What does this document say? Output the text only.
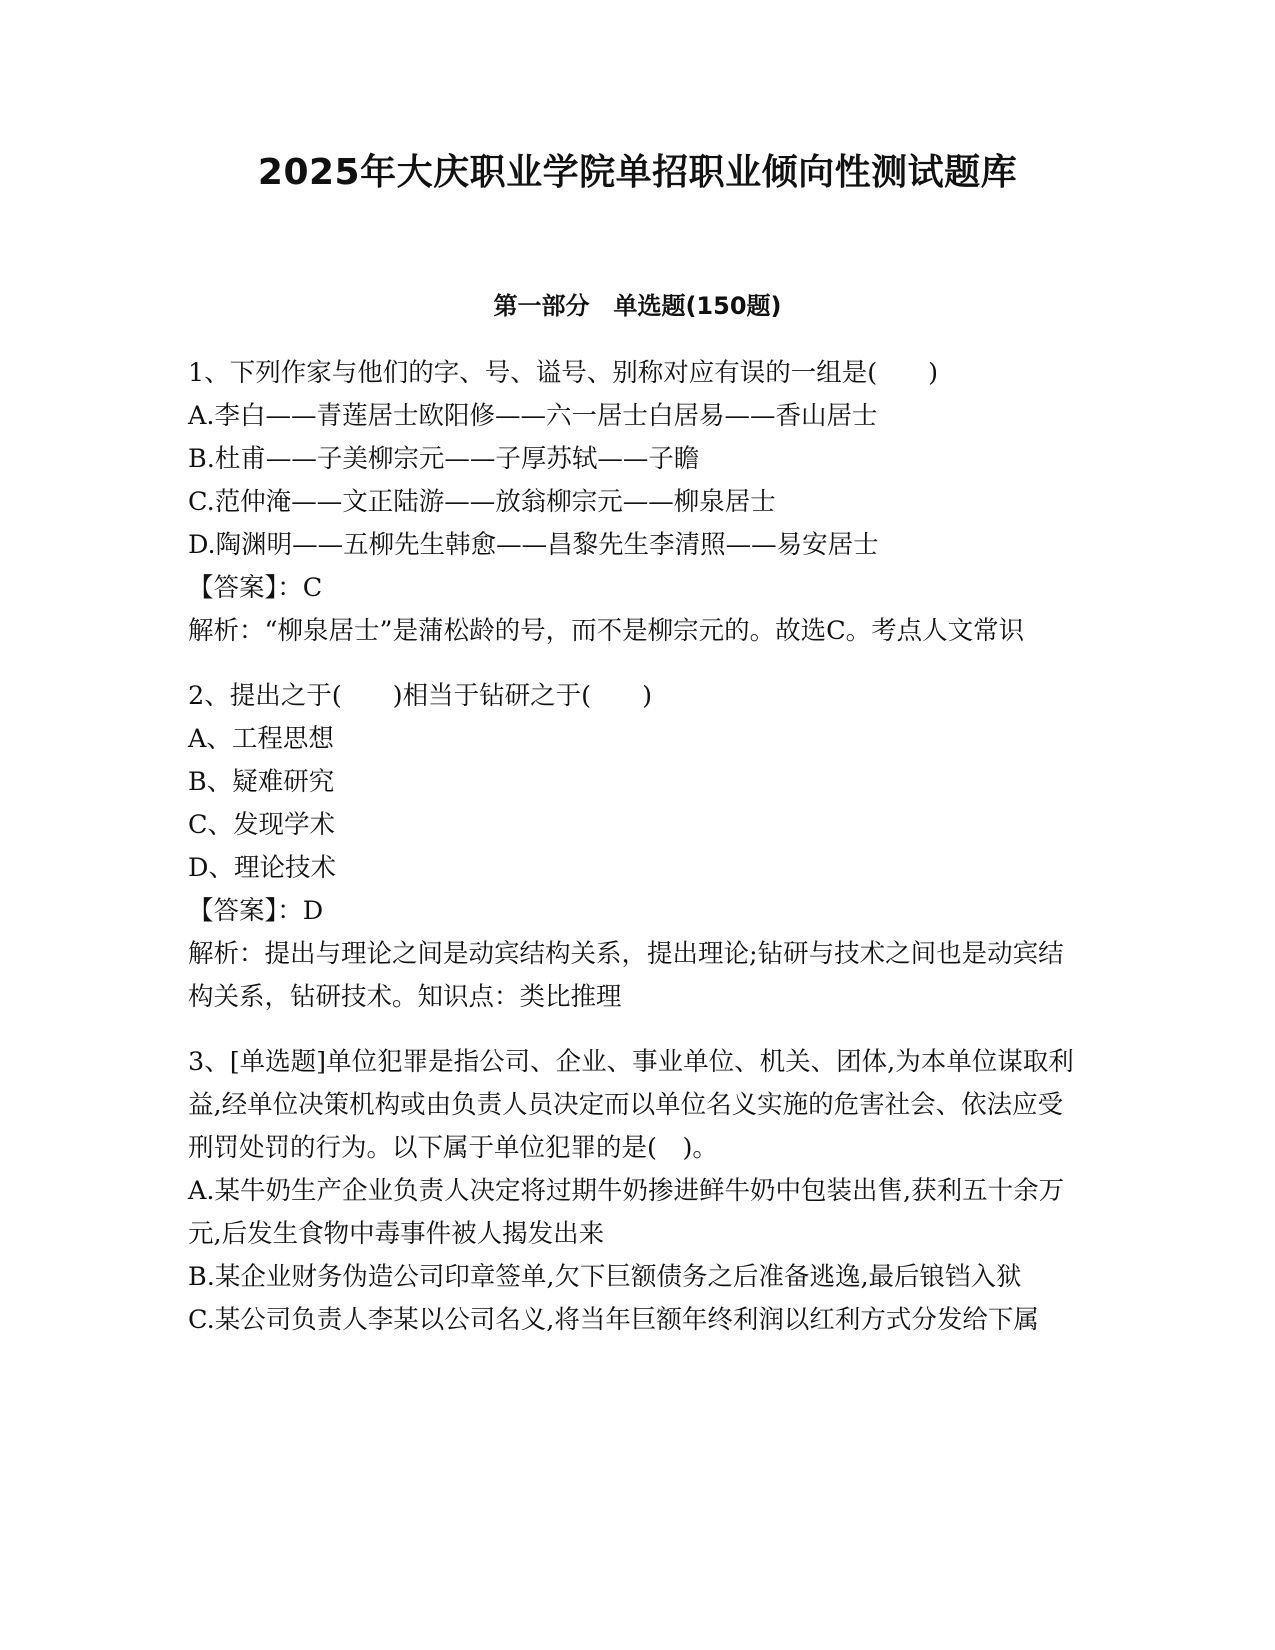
2025年大庆职业学院单招职业倾向性测试题库
第一部分　单选题(150题)
1、下列作家与他们的字、号、谥号、别称对应有误的一组是(　　)
A.李白——青莲居士欧阳修——六一居士白居易——香山居士
B.杜甫——子美柳宗元——子厚苏轼——子瞻
C.范仲淹——文正陆游——放翁柳宗元——柳泉居士
D.陶渊明——五柳先生韩愈——昌黎先生李清照——易安居士
【答案】：C
解析：“柳泉居士”是蒲松龄的号，而不是柳宗元的。故选C。考点人文常识
2、提出之于(　　)相当于钻研之于(　　)
A、工程思想
B、疑难研究
C、发现学术
D、理论技术
【答案】：D
解析：提出与理论之间是动宾结构关系，提出理论;钻研与技术之间也是动宾结构关系，钻研技术。知识点：类比推理
3、[单选题]单位犯罪是指公司、企业、事业单位、机关、团体,为本单位谋取利益,经单位决策机构或由负责人员决定而以单位名义实施的危害社会、依法应受刑罚处罚的行为。以下属于单位犯罪的是(　)。
A.某牛奶生产企业负责人决定将过期牛奶掺进鲜牛奶中包装出售,获利五十余万元,后发生食物中毒事件被人揭发出来
B.某企业财务伪造公司印章签单,欠下巨额债务之后准备逃逸,最后锒铛入狱
C.某公司负责人李某以公司名义,将当年巨额年终利润以红利方式分发给下属
